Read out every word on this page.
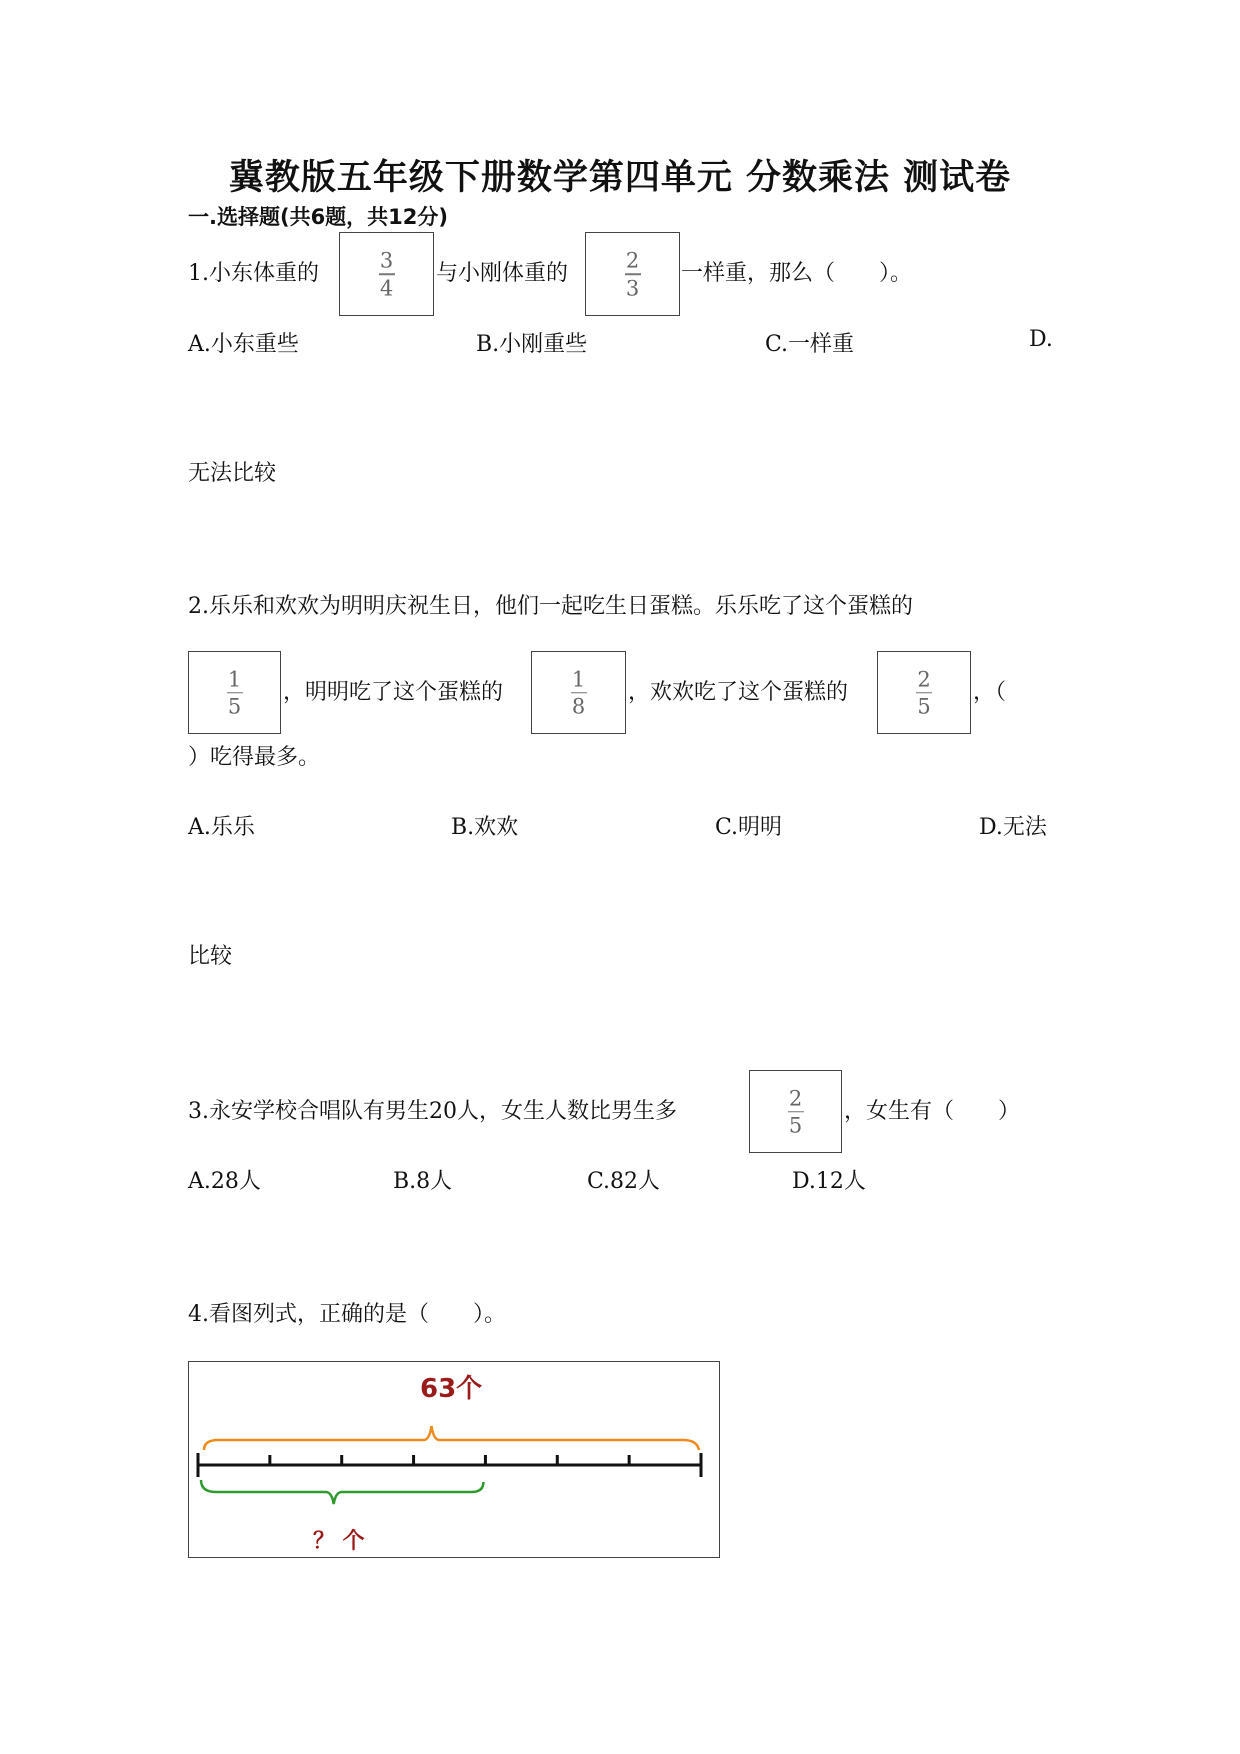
冀教版五年级下册数学第四单元 分数乘法 测试卷
一.选择题(共6题，共12分)
1.小东体重的
3
4
与小刚体重的
2
3
一样重，那么（　　）。
A.小东重些	B.小刚重些	C.一样重	D.
无法比较
2.乐乐和欢欢为明明庆祝生日，他们一起吃生日蛋糕。乐乐吃了这个蛋糕的
1
5
，明明吃了这个蛋糕的
1
8
，欢欢吃了这个蛋糕的
2
5
，（
）吃得最多。
A.乐乐	B.欢欢	C.明明	D.无法
比较
3.永安学校合唱队有男生20人，女生人数比男生多
2
5
，女生有（　　）
A.28人	B.8人	C.82人	D.12人
4.看图列式，正确的是（　　）。
63个
？ 个
